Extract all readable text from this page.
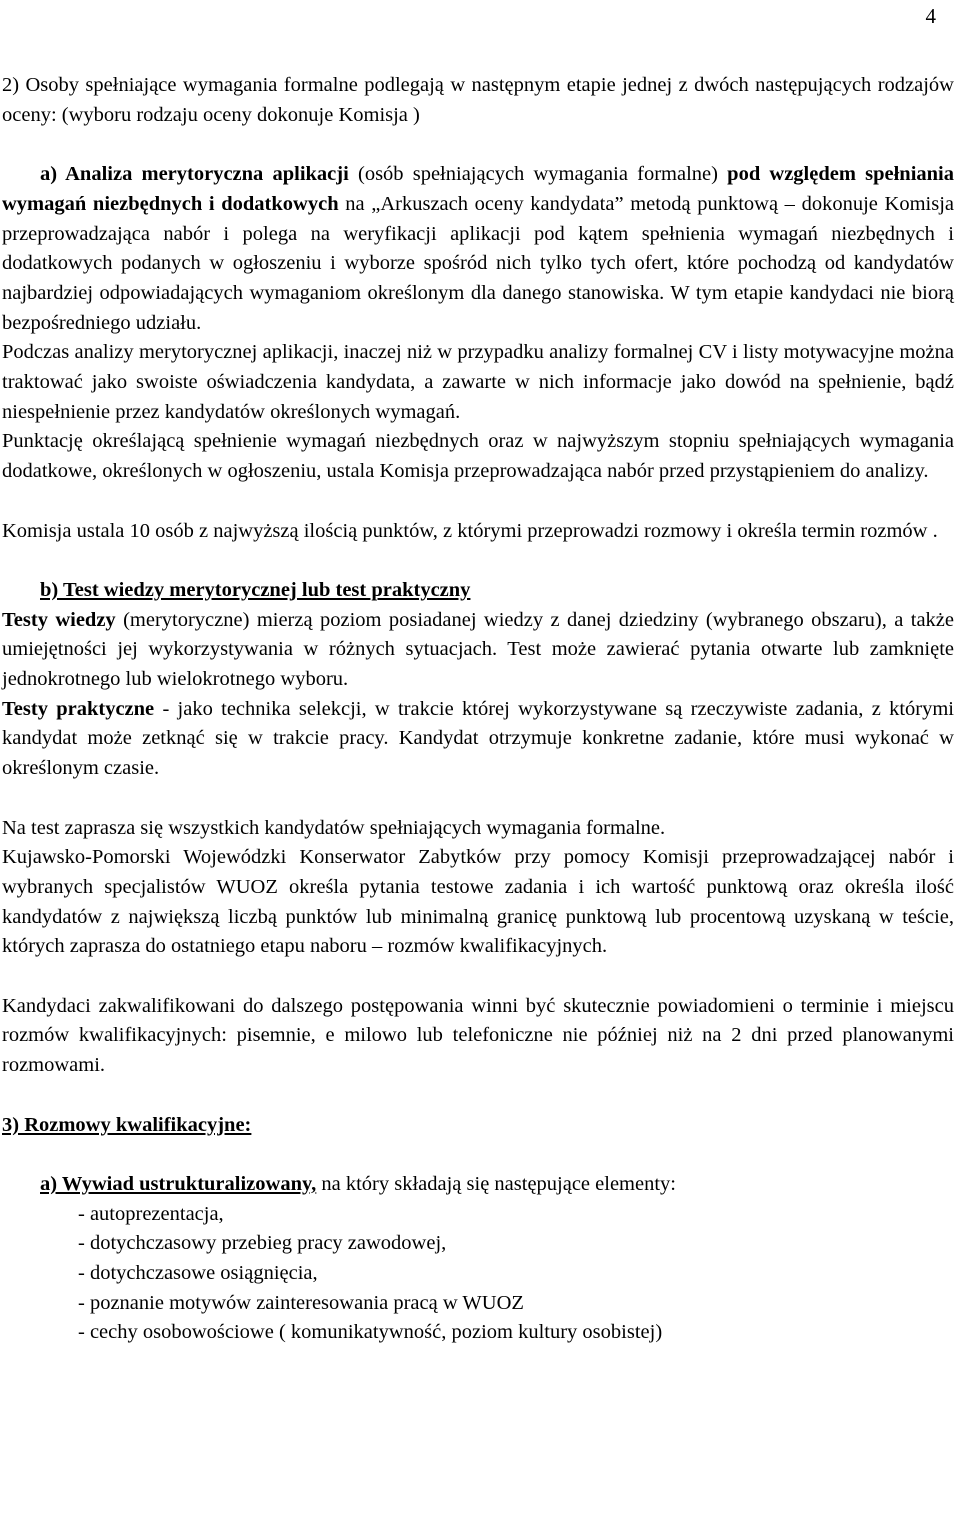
4

2) Osoby spełniające wymagania formalne podlegają w następnym etapie jednej z dwóch następujących rodzajów oceny: (wyboru rodzaju oceny dokonuje Komisja )

a) Analiza merytoryczna aplikacji (osób spełniających wymagania formalne) pod względem spełniania wymagań niezbędnych i dodatkowych na „Arkuszach oceny kandydata” metodą punktową – dokonuje Komisja przeprowadzająca nabór i polega na weryfikacji aplikacji pod kątem spełnienia wymagań niezbędnych i dodatkowych podanych w ogłoszeniu i wyborze spośród nich tylko tych ofert, które pochodzą od kandydatów najbardziej odpowiadających wymaganiom określonym dla danego stanowiska. W tym etapie kandydaci nie biorą bezpośredniego udziału.

Podczas analizy merytorycznej aplikacji, inaczej niż w przypadku analizy formalnej CV i listy motywacyjne można traktować jako swoiste oświadczenia kandydata, a zawarte w nich informacje jako dowód na spełnienie, bądź niespełnienie przez kandydatów określonych wymagań.

Punktację określającą spełnienie wymagań niezbędnych oraz w najwyższym stopniu spełniających wymagania dodatkowe, określonych w ogłoszeniu, ustala Komisja przeprowadzająca nabór przed przystąpieniem do analizy.

Komisja ustala 10 osób z najwyższą ilością punktów, z którymi przeprowadzi rozmowy i określa termin rozmów .

b) Test wiedzy merytorycznej lub test praktyczny

Testy wiedzy (merytoryczne) mierzą poziom posiadanej wiedzy z danej dziedziny (wybranego obszaru), a także umiejętności jej wykorzystywania w różnych sytuacjach. Test może zawierać pytania otwarte lub zamknięte jednokrotnego lub wielokrotnego wyboru.

Testy praktyczne - jako technika selekcji, w trakcie której wykorzystywane są rzeczywiste zadania, z którymi kandydat może zetknąć się w trakcie pracy. Kandydat otrzymuje konkretne zadanie, które musi wykonać w określonym czasie.

Na test zaprasza się wszystkich kandydatów spełniających wymagania formalne.

Kujawsko-Pomorski Wojewódzki Konserwator Zabytków przy pomocy Komisji przeprowadzającej nabór i wybranych specjalistów WUOZ określa pytania testowe zadania i ich wartość punktową oraz określa ilość kandydatów z największą liczbą punktów lub minimalną granicę punktową lub procentową uzyskaną w teście, których zaprasza do ostatniego etapu naboru – rozmów kwalifikacyjnych.

Kandydaci zakwalifikowani do dalszego postępowania winni być skutecznie powiadomieni o terminie i miejscu rozmów kwalifikacyjnych: pisemnie, e milowo lub telefoniczne nie później niż na 2 dni przed planowanymi rozmowami.

3) Rozmowy kwalifikacyjne:

a) Wywiad ustrukturalizowany, na który składają się następujące elementy:

- autoprezentacja,

- dotychczasowy przebieg pracy zawodowej,

- dotychczasowe osiągnięcia,

- poznanie motywów zainteresowania pracą w WUOZ

- cechy osobowościowe ( komunikatywność, poziom kultury osobistej)
